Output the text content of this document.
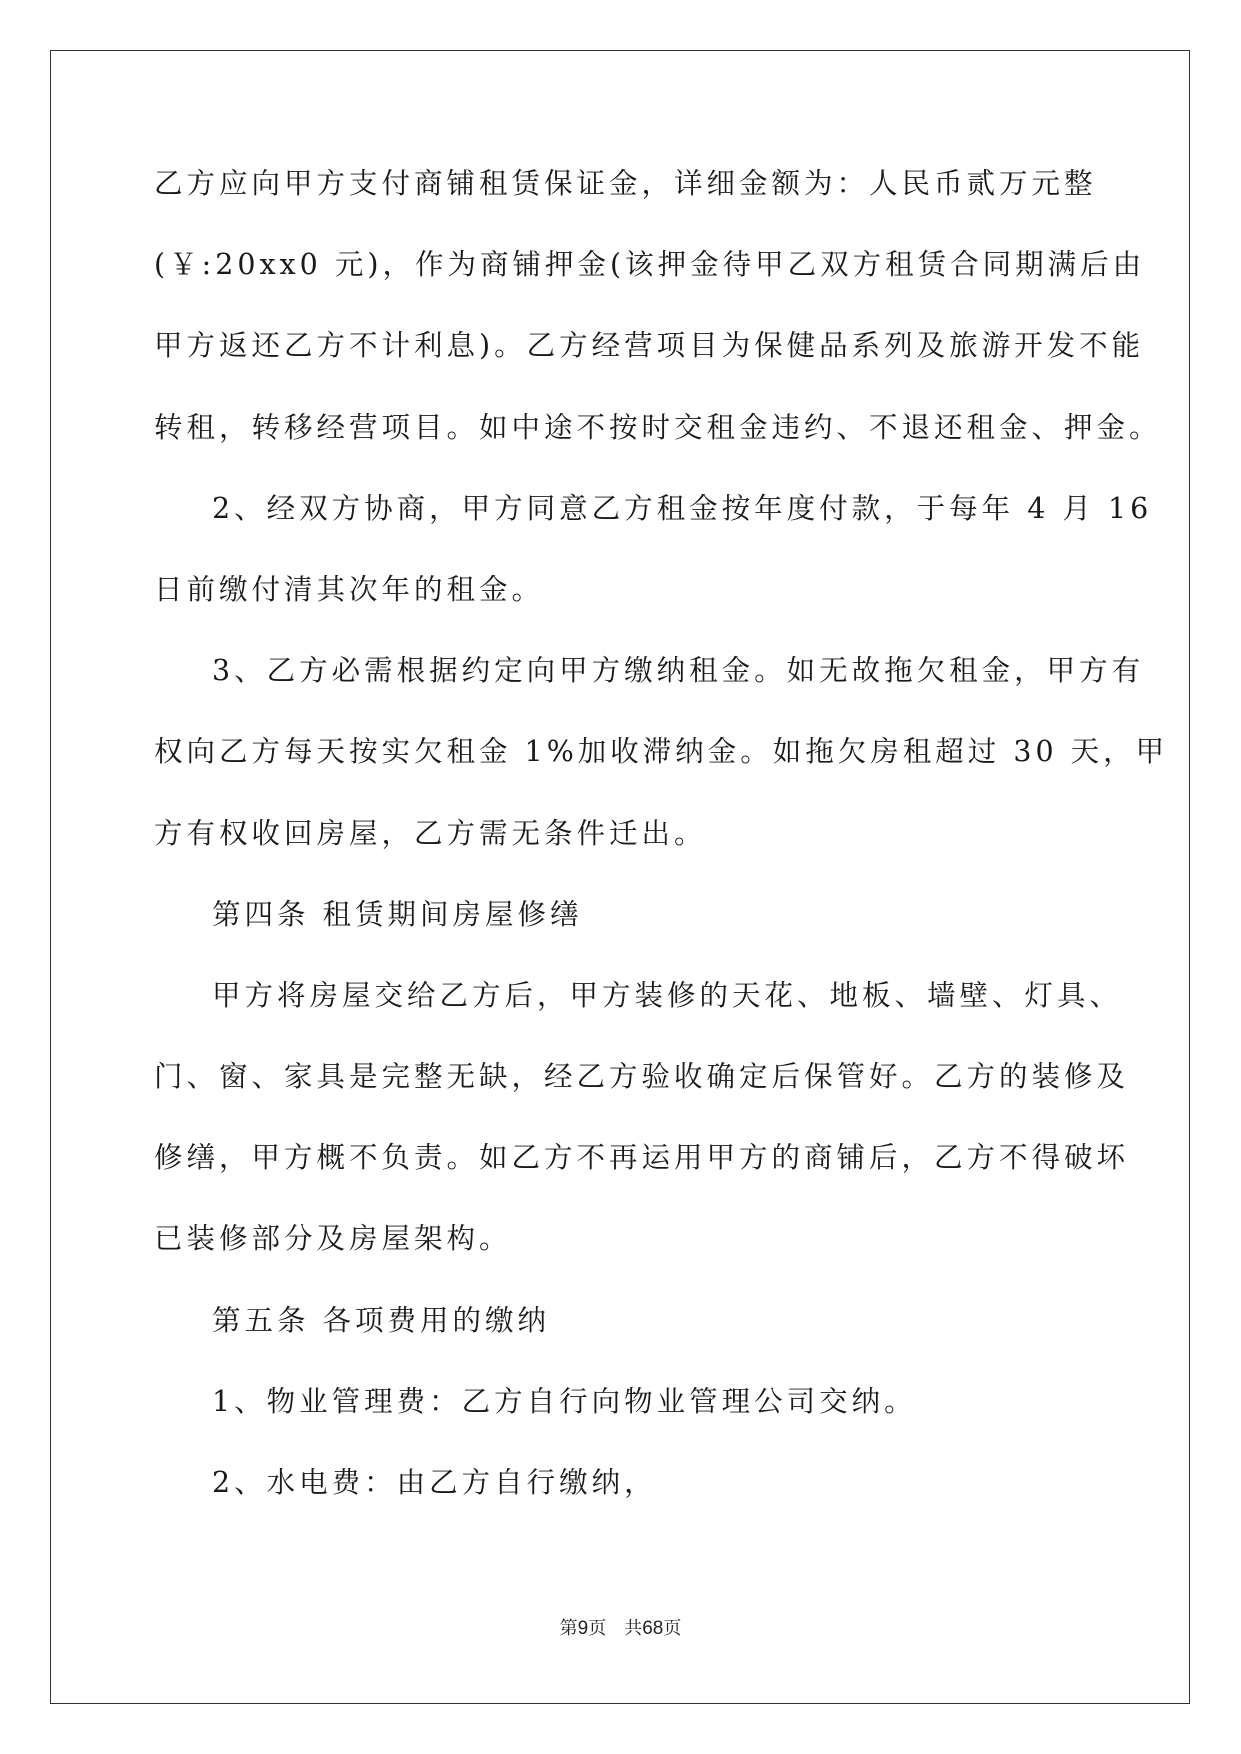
乙方应向甲方支付商铺租赁保证金，详细金额为：人民币贰万元整
(￥:20xx0 元)，作为商铺押金(该押金待甲乙双方租赁合同期满后由
甲方返还乙方不计利息)。乙方经营项目为保健品系列及旅游开发不能
转租，转移经营项目。如中途不按时交租金违约、不退还租金、押金。
2、经双方协商，甲方同意乙方租金按年度付款，于每年 4 月 16
日前缴付清其次年的租金。
3、乙方必需根据约定向甲方缴纳租金。如无故拖欠租金，甲方有
权向乙方每天按实欠租金 1%加收滞纳金。如拖欠房租超过 30 天，甲
方有权收回房屋，乙方需无条件迁出。
第四条 租赁期间房屋修缮
甲方将房屋交给乙方后，甲方装修的天花、地板、墙壁、灯具、
门、窗、家具是完整无缺，经乙方验收确定后保管好。乙方的装修及
修缮，甲方概不负责。如乙方不再运用甲方的商铺后，乙方不得破坏
已装修部分及房屋架构。
第五条 各项费用的缴纳
1、物业管理费：乙方自行向物业管理公司交纳。
2、水电费：由乙方自行缴纳，
第9页 共68页
